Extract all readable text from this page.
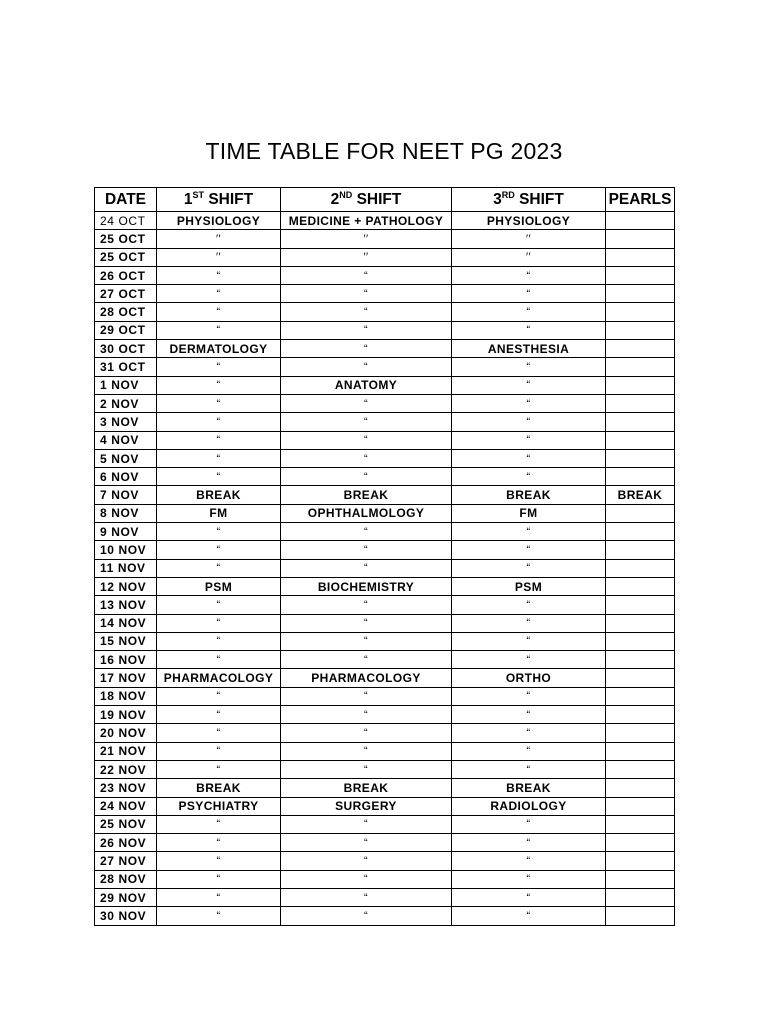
TIME TABLE FOR NEET PG 2023
DATE	1ST SHIFT	2ND SHIFT	3RD SHIFT	PEARLS
24 OCT	PHYSIOLOGY	MEDICINE + PATHOLOGY	PHYSIOLOGY	
25 OCT	′′	′′	′′	
25 OCT	′′	′′	′′	
26 OCT	“	“	“	
27 OCT	“	“	“	
28 OCT	“	“	“	
29 OCT	“	“	“	
30 OCT	DERMATOLOGY	“	ANESTHESIA	
31 OCT	“	“	“	
1 NOV	“	ANATOMY	“	
2 NOV	“	“	“	
3 NOV	“	“	“	
4 NOV	“	“	“	
5 NOV	“	“	“	
6 NOV	“	“	“	
7 NOV	BREAK	BREAK	BREAK	BREAK
8 NOV	FM	OPHTHALMOLOGY	FM	
9 NOV	“	“	“	
10 NOV	“	“	“	
11 NOV	“	“	“	
12 NOV	PSM	BIOCHEMISTRY	PSM	
13 NOV	“	“	“	
14 NOV	“	“	“	
15 NOV	“	“	“	
16 NOV	“	“	“	
17 NOV	PHARMACOLOGY	PHARMACOLOGY	ORTHO	
18 NOV	“	“	“	
19 NOV	“	“	“	
20 NOV	“	“	“	
21 NOV	“	“	“	
22 NOV	“	“	“	
23 NOV	BREAK	BREAK	BREAK	
24 NOV	PSYCHIATRY	SURGERY	RADIOLOGY	
25 NOV	“	“	“	
26 NOV	“	“	“	
27 NOV	“	“	“	
28 NOV	“	“	“	
29 NOV	“	“	“	
30 NOV	“	“	“	
